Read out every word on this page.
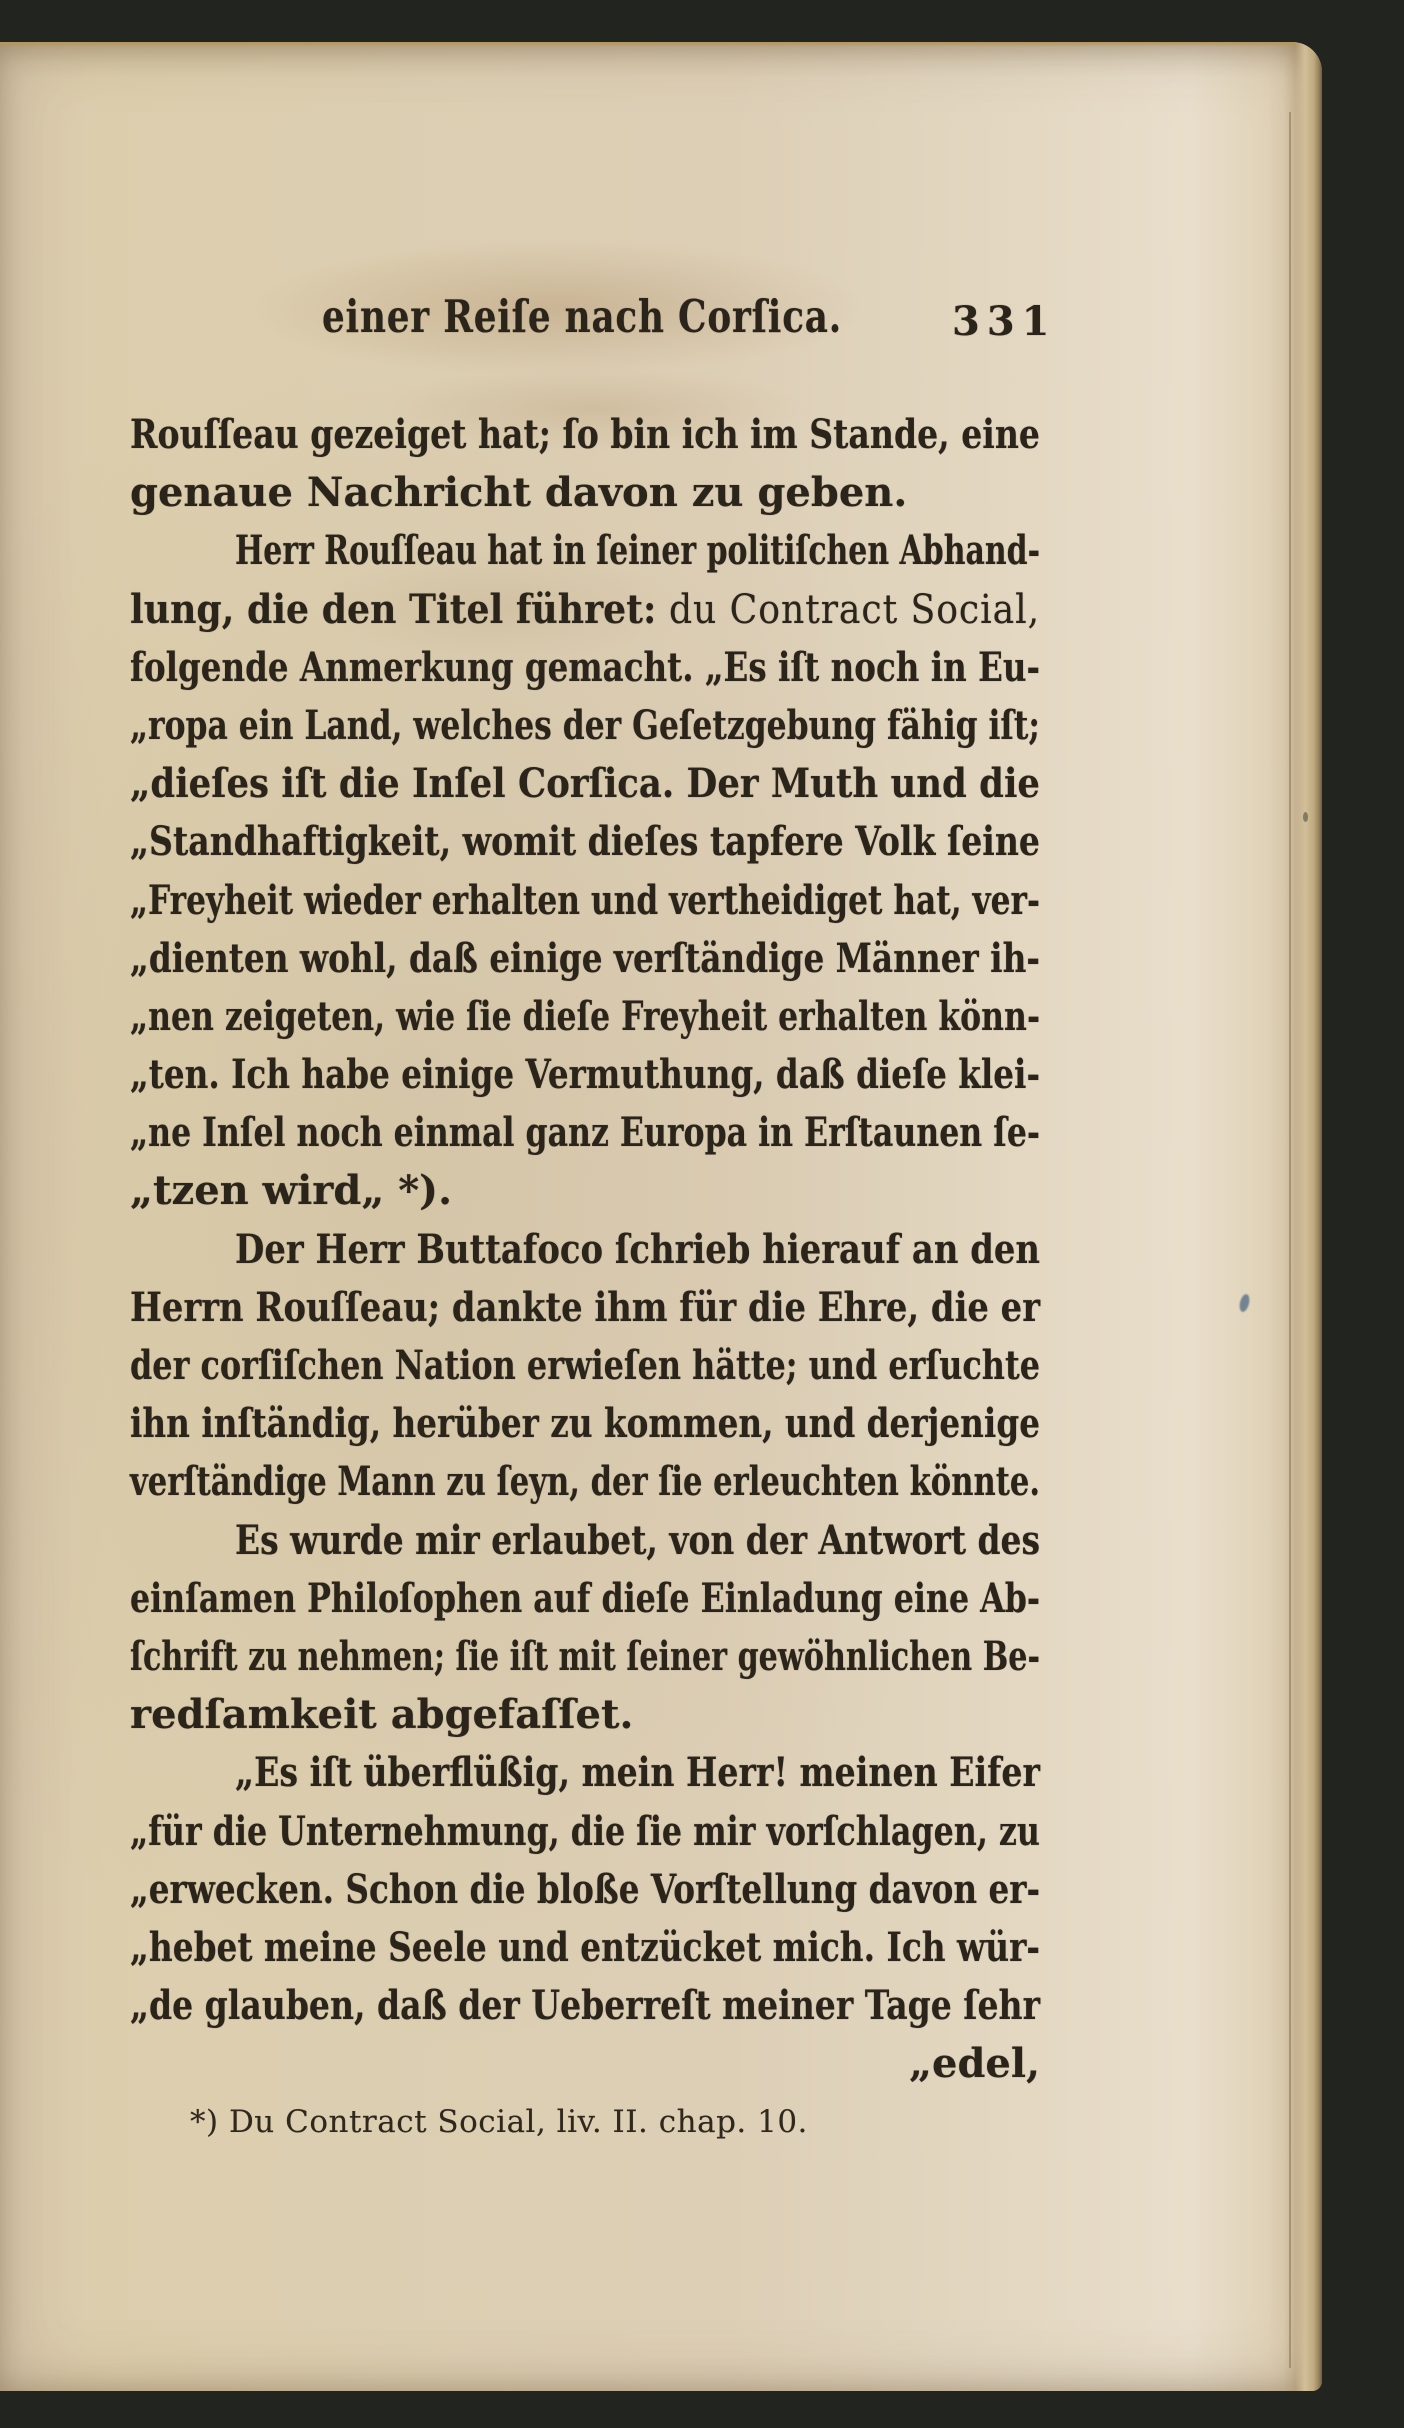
einer Reiſe nach Corſica.	331
Rouſſeau gezeiget hat; ſo bin ich im Stande, eine
genaue Nachricht davon zu geben.
Herr Rouſſeau hat in ſeiner politiſchen Abhand-
lung, die den Titel führet: du Contract Social,
folgende Anmerkung gemacht. „Es iſt noch in Eu-
„ropa ein Land, welches der Geſetzgebung fähig iſt;
„dieſes iſt die Inſel Corſica. Der Muth und die
„Standhaftigkeit, womit dieſes tapfere Volk ſeine
„Freyheit wieder erhalten und vertheidiget hat, ver-
„dienten wohl, daß einige verſtändige Männer ih-
„nen zeigeten, wie ſie dieſe Freyheit erhalten könn-
„ten. Ich habe einige Vermuthung, daß dieſe klei-
„ne Inſel noch einmal ganz Europa in Erſtaunen ſe-
„tzen wird„ *).
Der Herr Buttafoco ſchrieb hierauf an den
Herrn Rouſſeau; dankte ihm für die Ehre, die er
der corſiſchen Nation erwieſen hätte; und erſuchte
ihn inſtändig, herüber zu kommen, und derjenige
verſtändige Mann zu ſeyn, der ſie erleuchten könnte.
Es wurde mir erlaubet, von der Antwort des
einſamen Philoſophen auf dieſe Einladung eine Ab-
ſchrift zu nehmen; ſie iſt mit ſeiner gewöhnlichen Be-
redſamkeit abgefaſſet.
„Es iſt überflüßig, mein Herr! meinen Eifer
„für die Unternehmung, die ſie mir vorſchlagen, zu
„erwecken. Schon die bloße Vorſtellung davon er-
„hebet meine Seele und entzücket mich. Ich wür-
„de glauben, daß der Ueberreſt meiner Tage ſehr
„edel,
*) Du Contract Social, liv. II. chap. 10.
